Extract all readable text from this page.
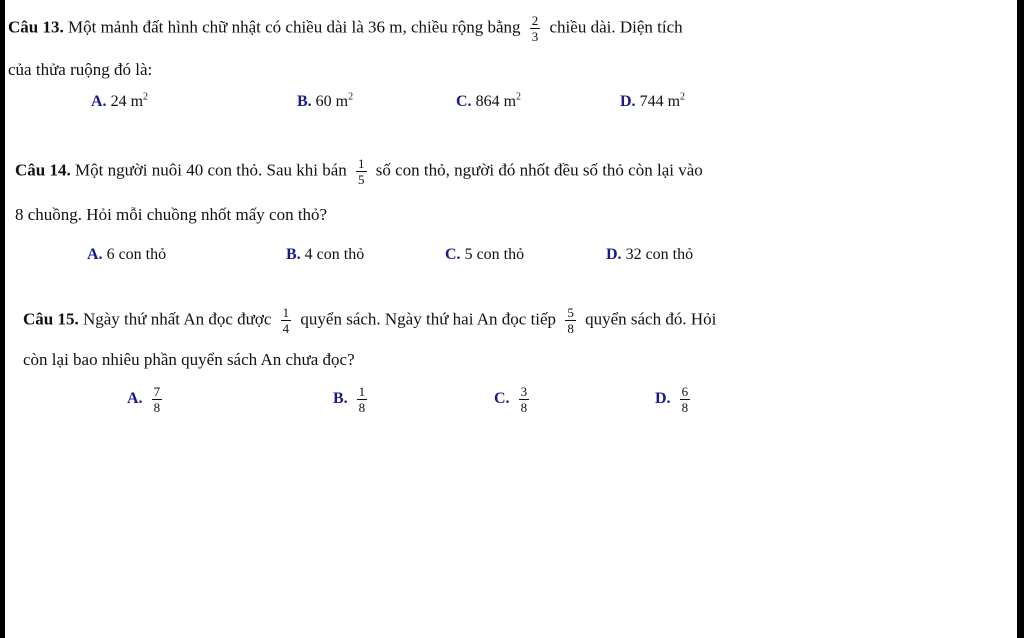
Câu 13. Một mảnh đất hình chữ nhật có chiều dài là 36 m, chiều rộng bằng $\frac{2}{3}$ chiều dài. Diện tích
của thửa ruộng đó là:
A. 24 $m^2$	B. 60 $m^2$	C. 864 $m^2$	D. 744 $m^2$
Câu 14. Một người nuôi 40 con thỏ. Sau khi bán $\frac{1}{5}$ số con thỏ, người đó nhốt đều số thỏ còn lại vào
8 chuồng. Hỏi mỗi chuồng nhốt mấy con thỏ?
A. 6 con thỏ	B. 4 con thỏ	C. 5 con thỏ	D. 32 con thỏ
Câu 15. Ngày thứ nhất An đọc được $\frac{1}{4}$ quyển sách. Ngày thứ hai An đọc tiếp $\frac{5}{8}$ quyển sách đó. Hỏi
còn lại bao nhiêu phần quyển sách An chưa đọc?
A. $\frac{7}{8}$	B. $\frac{1}{8}$	C. $\frac{3}{8}$	D. $\frac{6}{8}$
